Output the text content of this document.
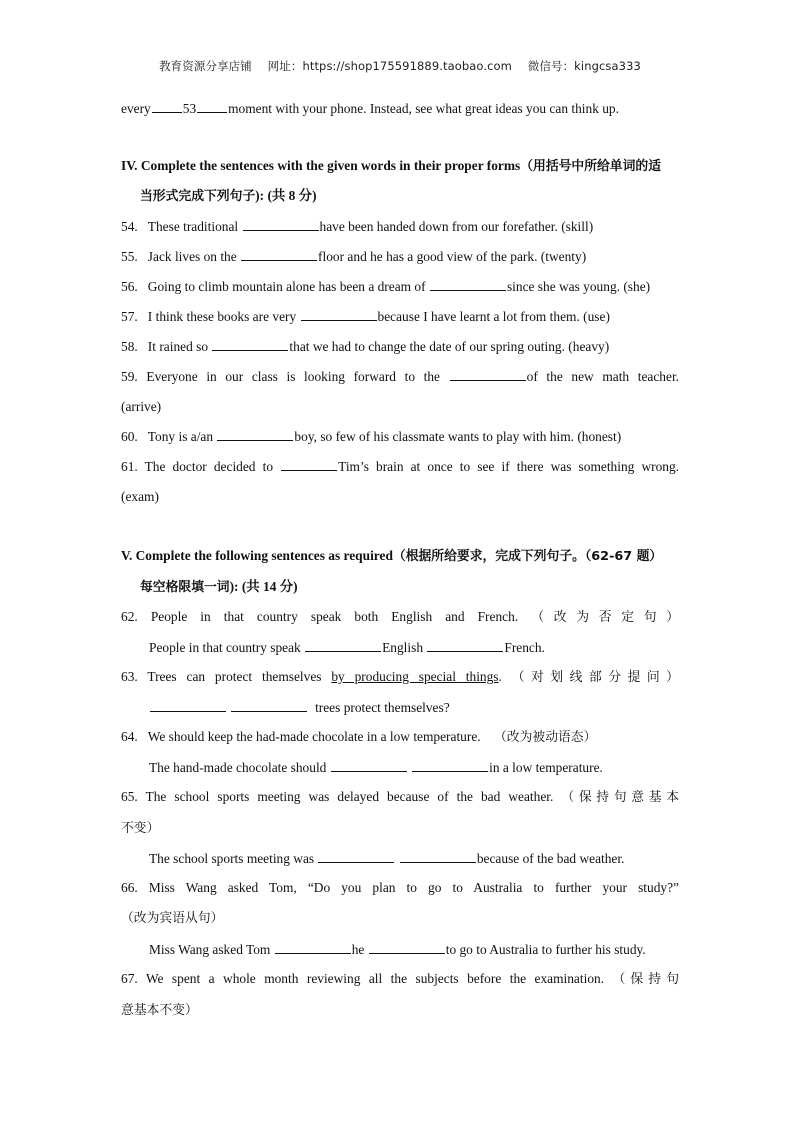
教育资源分享店铺 网址：https://shop175591889.taobao.com 微信号：kingcsa333
every 53 moment with your phone. Instead, see what great ideas you can think up.
IV. Complete the sentences with the given words in their proper forms（用括号中所给单词的适
当形式完成下列句子): (共 8 分)
54. These traditional	have been handed down from our forefather. (skill)
55. Jack lives on the	floor and he has a good view of the park. (twenty)
56. Going to climb mountain alone has been a dream of	since she was young. (she)
57. I think these books are very	because I have learnt a lot from them. (use)
58. It rained so	that we had to change the date of our spring outing. (heavy)
59. Everyone in our class is looking forward to the	of the new math teacher.
(arrive)
60. Tony is a/an	boy, so few of his classmate wants to play with him. (honest)
61. The doctor decided to	Tim’s brain at once to see if there was something wrong.
(exam)
V. Complete the following sentences as required（根据所给要求，完成下列句子。（62-67 题）
每空格限填一词): (共 14 分)
62. People in that country speak both English and French. （改为否定句）
People in that country speak	English	French.
63. Trees can protect themselves by producing special things. （对划线部分提问）
trees protect themselves?
64. We should keep the had-made chocolate in a low temperature. （改为被动语态）
The hand-made chocolate should	in a low temperature.
65. The school sports meeting was delayed because of the bad weather. （保持句意基本
不变）
The school sports meeting was	because of the bad weather.
66. Miss Wang asked Tom, “Do you plan to go to Australia to further your study?”
（改为宾语从句）
Miss Wang asked Tom	he	to go to Australia to further his study.
67. We spent a whole month reviewing all the subjects before the examination. （保持句
意基本不变）
